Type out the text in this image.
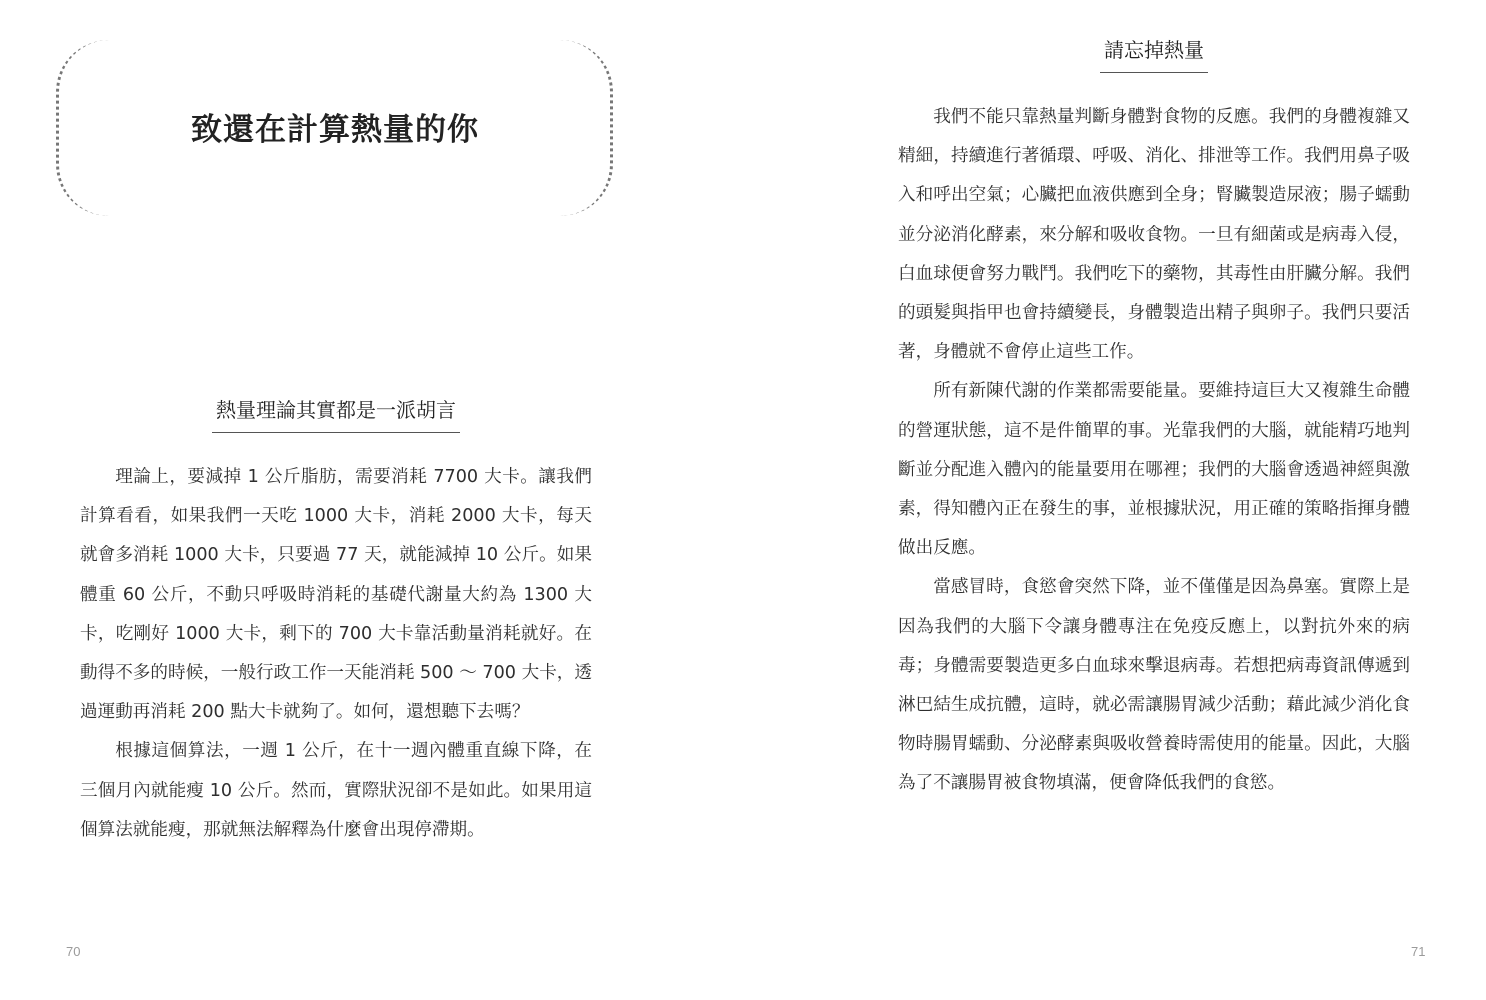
致還在計算熱量的你
熱量理論其實都是一派胡言

理論上，要減掉 1 公斤脂肪，需要消耗 7700 大卡。讓我們計算看看，如果我們一天吃 1000 大卡，消耗 2000 大卡，每天就會多消耗 1000 大卡，只要過 77 天，就能減掉 10 公斤。如果體重 60 公斤，不動只呼吸時消耗的基礎代謝量大約為 1300 大卡，吃剛好 1000 大卡，剩下的 700 大卡靠活動量消耗就好。在動得不多的時候，一般行政工作一天能消耗 500 ～ 700 大卡，透過運動再消耗 200 點大卡就夠了。如何，還想聽下去嗎？

根據這個算法，一週 1 公斤，在十一週內體重直線下降，在三個月內就能瘦 10 公斤。然而，實際狀況卻不是如此。如果用這個算法就能瘦，那就無法解釋為什麼會出現停滯期。

70
請忘掉熱量

我們不能只靠熱量判斷身體對食物的反應。我們的身體複雜又精細，持續進行著循環、呼吸、消化、排泄等工作。我們用鼻子吸入和呼出空氣；心臟把血液供應到全身；腎臟製造尿液；腸子蠕動並分泌消化酵素，來分解和吸收食物。一旦有細菌或是病毒入侵，白血球便會努力戰鬥。我們吃下的藥物，其毒性由肝臟分解。我們的頭髮與指甲也會持續變長，身體製造出精子與卵子。我們只要活著，身體就不會停止這些工作。

所有新陳代謝的作業都需要能量。要維持這巨大又複雜生命體的營運狀態，這不是件簡單的事。光靠我們的大腦，就能精巧地判斷並分配進入體內的能量要用在哪裡；我們的大腦會透過神經與激素，得知體內正在發生的事，並根據狀況，用正確的策略指揮身體做出反應。

當感冒時，食慾會突然下降，並不僅僅是因為鼻塞。實際上是因為我們的大腦下令讓身體專注在免疫反應上，以對抗外來的病毒；身體需要製造更多白血球來擊退病毒。若想把病毒資訊傳遞到淋巴結生成抗體，這時，就必需讓腸胃減少活動；藉此減少消化食物時腸胃蠕動、分泌酵素與吸收營養時需使用的能量。因此，大腦為了不讓腸胃被食物填滿，便會降低我們的食慾。

71
